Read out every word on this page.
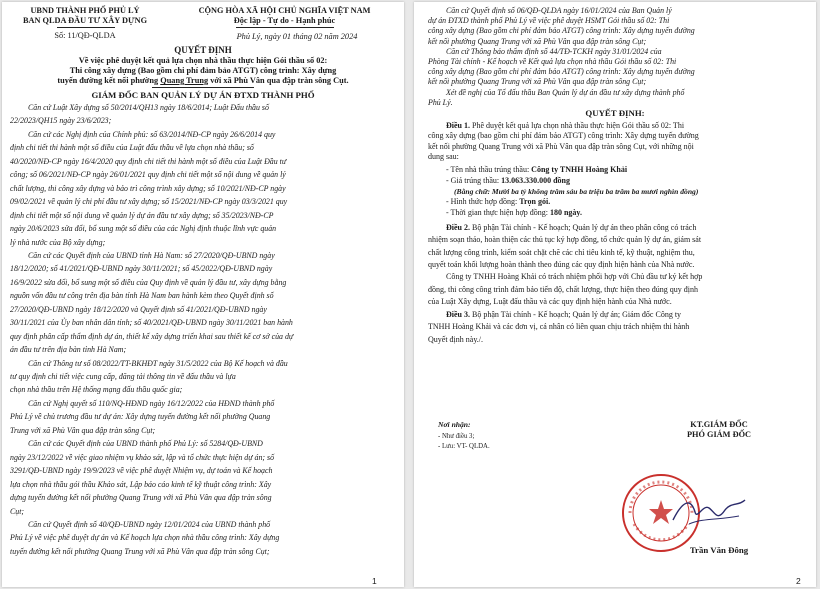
UBND THÀNH PHỐ PHỦ LÝ
BAN QLDA ĐẦU TƯ XÂY DỰNG
Số: 11/QĐ-QLDA
CỘNG HÒA XÃ HỘI CHỦ NGHĨA VIỆT NAM
Độc lập - Tự do - Hạnh phúc
Phủ Lý, ngày 01 tháng 02 năm 2024
QUYẾT ĐỊNH
Về việc phê duyệt kết quả lựa chọn nhà thầu thực hiện Gói thầu số 02:
Thi công xây dựng (Bao gồm chi phí đảm bảo ATGT) công trình: Xây dựng
tuyến đường kết nối phường Quang Trung với xã Phù Vân qua đập tràn sông Cụt.
GIÁM ĐỐC BAN QUẢN LÝ DỰ ÁN ĐTXD THÀNH PHỐ
Căn cứ Luật Xây dựng số 50/2014/QH13 ngày 18/6/2014; Luật Đấu thầu số
22/2023/QH15 ngày 23/6/2023;
Căn cứ các Nghị định của Chính phủ: số 63/2014/NĐ-CP ngày 26/6/2014 quy
định chi tiết thi hành một số điều của Luật đấu thầu về lựa chọn nhà thầu; số
40/2020/NĐ-CP ngày 16/4/2020 quy định chi tiết thi hành một số điều của Luật Đầu tư
công; số 06/2021/NĐ-CP ngày 26/01/2021 quy định chi tiết một số nội dung về quản lý
chất lượng, thi công xây dựng và bảo trì công trình xây dựng; số 10/2021/NĐ-CP ngày
09/02/2021 về quản lý chi phí đầu tư xây dựng; số 15/2021/NĐ-CP ngày 03/3/2021 quy
định chi tiết một số nội dung về quản lý dự án đầu tư xây dựng; số 35/2023/NĐ-CP
ngày 20/6/2023 sửa đổi, bổ sung một số điều của các Nghị định thuộc lĩnh vực quản
lý nhà nước của Bộ xây dựng;
Căn cứ các Quyết định của UBND tỉnh Hà Nam: số 27/2020/QĐ-UBND ngày
18/12/2020; số 41/2021/QĐ-UBND ngày 30/11/2021; số 45/2022/QĐ-UBND ngày
16/9/2022 sửa đổi, bổ sung một số điều của Quy định về quản lý đầu tư, xây dựng bằng
nguồn vốn đầu tư công trên địa bàn tỉnh Hà Nam ban hành kèm theo Quyết định số
27/2020/QĐ-UBND ngày 18/12/2020 và Quyết định số 41/2021/QĐ-UBND ngày
30/11/2021 của Ủy ban nhân dân tỉnh; số 40/2021/QĐ-UBND ngày 30/11/2021 ban hành
quy định phân cấp thẩm định dự án, thiết kế xây dựng triển khai sau thiết kế cơ sở của dự
án đầu tư trên địa bàn tỉnh Hà Nam;
Căn cứ Thông tư số 08/2022/TT-BKHĐT ngày 31/5/2022 của Bộ Kế hoạch và đầu
tư quy định chi tiết việc cung cấp, đăng tải thông tin về đấu thầu và lựa
chọn nhà thầu trên Hệ thống mạng đấu thầu quốc gia;
Căn cứ Nghị quyết số 110/NQ-HĐND ngày 16/12/2022 của HĐND thành phố
Phủ Lý về chủ trương đầu tư dự án: Xây dựng tuyến đường kết nối phường Quang
Trung với xã Phù Vân qua đập tràn sông Cụt;
Căn cứ các Quyết định của UBND thành phố Phủ Lý: số 5284/QĐ-UBND
ngày 23/12/2022 về việc giao nhiệm vụ khảo sát, lập và tổ chức thực hiện dự án; số
3291/QĐ-UBND ngày 19/9/2023 về việc phê duyệt Nhiệm vụ, dự toán và Kế hoạch
lựa chọn nhà thầu gói thầu Khảo sát, Lập báo cáo kinh tế kỹ thuật công trình: Xây
dựng tuyến đường kết nối phường Quang Trung với xã Phù Vân qua đập tràn sông
Cụt;
Căn cứ Quyết định số 40/QĐ-UBND ngày 12/01/2024 của UBND thành phố
Phủ Lý về việc phê duyệt dự án và Kế hoạch lựa chọn nhà thầu công trình: Xây dựng
tuyến đường kết nối phường Quang Trung với xã Phù Vân qua đập tràn sông Cụt;
1
Căn cứ Quyết định số 06/QĐ-QLDA ngày 16/01/2024 của Ban Quản lý
dự án ĐTXD thành phố Phủ Lý về việc phê duyệt HSMT Gói thầu số 02: Thi
công xây dựng (Bao gồm chi phí đảm bảo ATGT) công trình: Xây dựng tuyến đường
kết nối phường Quang Trung với xã Phù Vân qua đập tràn sông Cụt;
Căn cứ Thông báo thẩm định số 44/TĐ-TCKH ngày 31/01/2024 của
Phòng Tài chính - Kế hoạch về Kết quả lựa chọn nhà thầu Gói thầu số 02: Thi
công xây dựng (Bao gồm chi phí đảm bảo ATGT) công trình: Xây dựng tuyến đường
kết nối phường Quang Trung với xã Phù Vân qua đập tràn sông Cụt;
Xét đề nghị của Tổ đấu thầu Ban Quản lý dự án đầu tư xây dựng thành phố
Phủ Lý.
QUYẾT ĐỊNH:
Điều 1. Phê duyệt kết quả lựa chọn nhà thầu thực hiện Gói thầu số 02: Thi
công xây dựng (bao gồm chi phí đảm bảo ATGT) công trình: Xây dựng tuyến đường
kết nối phường Quang Trung với xã Phù Vân qua đập tràn sông Cụt, với những nội
dung sau:
- Tên nhà thầu trúng thầu: Công ty TNHH Hoàng Khải
- Giá trúng thầu: 13.063.330.000 đồng
(Bằng chữ: Mười ba tỷ không trăm sáu ba triệu ba trăm ba mươi nghìn đồng)
- Hình thức hợp đồng: Trọn gói.
- Thời gian thực hiện hợp đồng: 180 ngày.
Điều 2. Bộ phận Tài chính - Kế hoạch; Quản lý dự án theo phân công có trách
nhiệm soạn thảo, hoàn thiện các thủ tục ký hợp đồng, tổ chức quản lý dự án, giám sát
chất lượng công trình, kiểm soát chặt chẽ các chỉ tiêu kinh tế, kỹ thuật, nghiệm thu,
quyết toán khối lượng hoàn thành theo đúng các quy định hiện hành của Nhà nước.
Công ty TNHH Hoàng Khải có trách nhiệm phối hợp với Chủ đầu tư ký kết hợp
đồng, thi công công trình đảm bảo tiến độ, chất lượng, thực hiện theo đúng quy định
của Luật Xây dựng, Luật đấu thầu và các quy định hiện hành của Nhà nước.
Điều 3. Bộ phận Tài chính - Kế hoạch; Quản lý dự án; Giám đốc Công ty
TNHH Hoàng Khải và các đơn vị, cá nhân có liên quan chịu trách nhiệm thi hành
Quyết định này./.
Nơi nhận:
- Như điều 3;
- Lưu: VT- QLDA.
KT.GIÁM ĐỐC
PHÓ GIÁM ĐỐC
Trần Văn Đông
2
